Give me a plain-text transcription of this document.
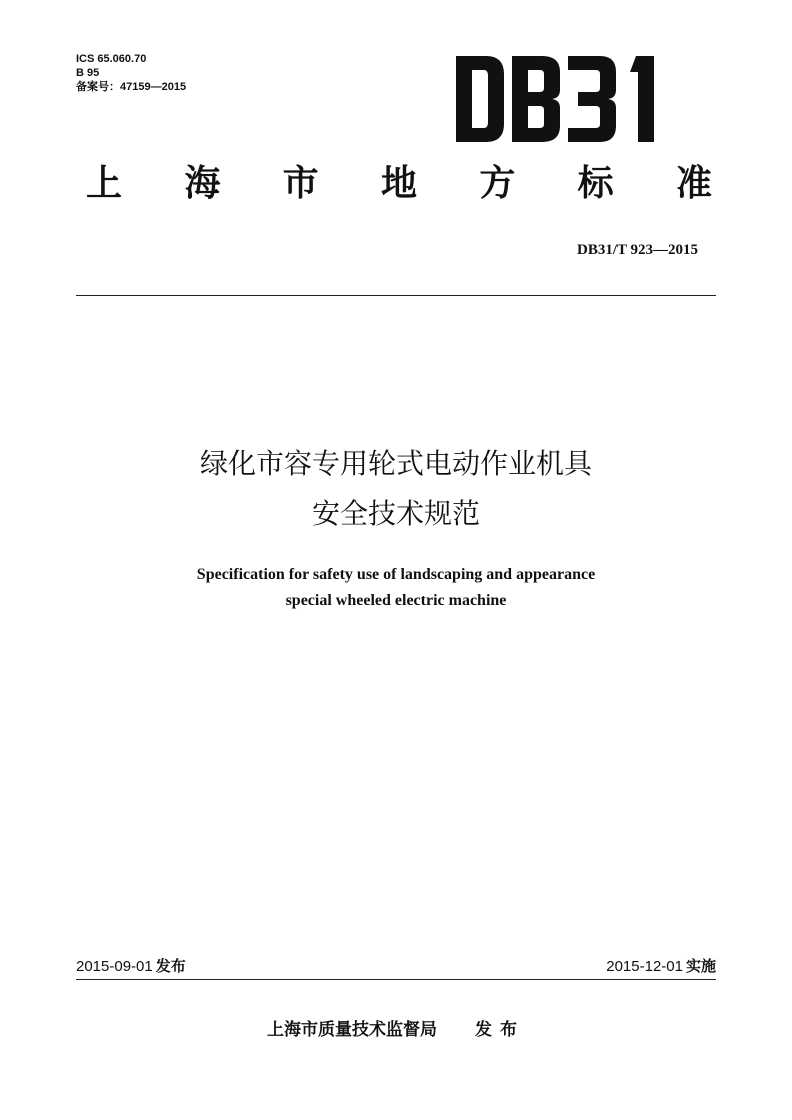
ICS 65.060.70
B 95
备案号：47159—2015
上 海 市 地 方 标 准
DB31/T 923—2015
绿化市容专用轮式电动作业机具
安全技术规范
Specification for safety use of landscaping and appearance
special wheeled electric machine
2015-09-01 发布	2015-12-01 实施
上海市质量技术监督局 发布
